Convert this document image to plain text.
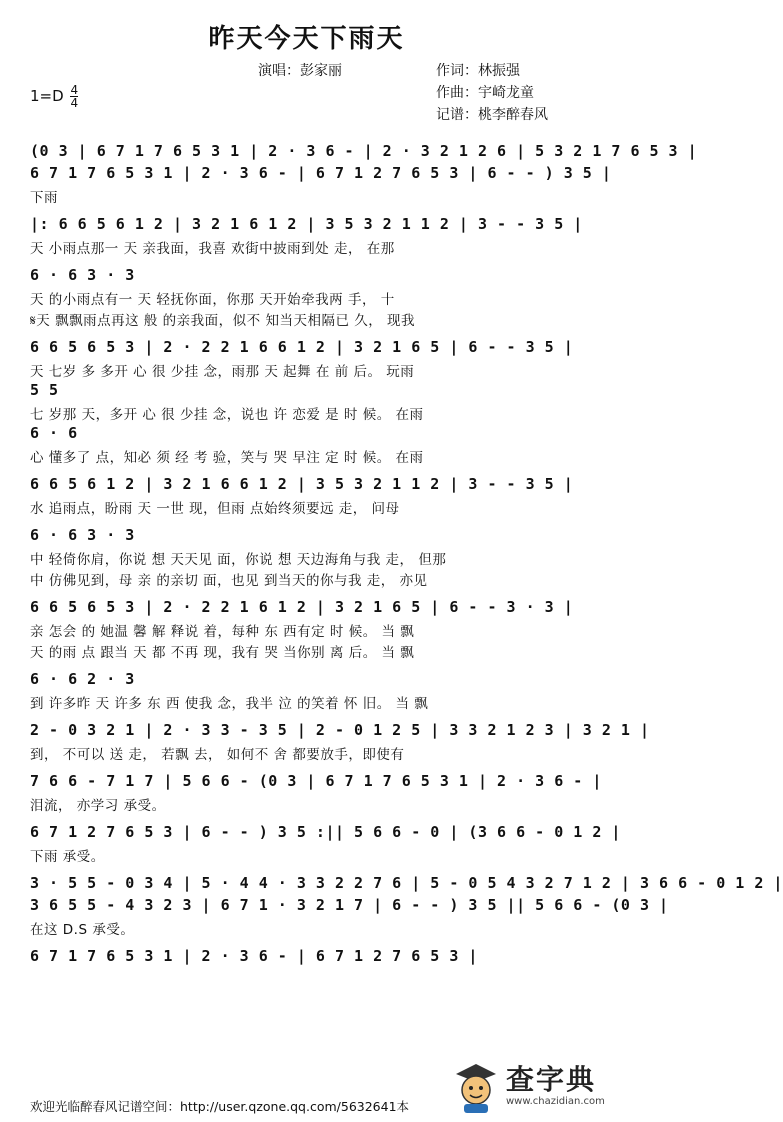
昨天今天下雨天
演唱：彭家丽	作词：林振强
作曲：宇崎龙童
记谱：桃李醉春风
$1=D \frac{4}{4}$
(0 3 | 6 7 1 7 6 5 3 1 | 2 · 3 6 - | 2 · 3 2 1 2 6 | 5 3 2 1 7 6 5 3 |
6 7 1 7 6 5 3 1 | 2 · 3 6 - | 6 7 1 2 7 6 5 3 | 6 - - ) 3 5 |
下雨
|: 6 6 5 6 1 2 | 3 2 1 6 1 2 | 3 5 3 2 1 1 2 | 3 - - 3 5 |
天 小雨点那一 天 亲我面，我喜 欢街中披雨到处 走， 在那
6 · 6 3 · 3
天 的小雨点有一 天 轻抚你面，你那 天开始牵我两 手， 十
𝄋天 飘飘雨点再这 般 的亲我面，似不 知当天相隔已 久， 现我
6 6 5 6 5 3 | 2 · 2 2 1 6 6 1 2 | 3 2 1 6 5 | 6 - - 3 5 |
天 七岁 多 多开 心 很 少挂 念，雨那 天 起舞 在 前 后。 玩雨
5 5
七 岁那 天，多开 心 很 少挂 念，说也 许 恋爱 是 时 候。 在雨
6 · 6
心 懂多了 点，知必 须 经 考 验，笑与 哭 早注 定 时 候。 在雨
6 6 5 6 1 2 | 3 2 1 6 6 1 2 | 3 5 3 2 1 1 2 | 3 - - 3 5 |
水 追雨点，盼雨 天 一世 现，但雨 点始终须要远 走， 问母
6 · 6 3 · 3
中 轻倚你肩，你说 想 天天见 面，你说 想 天边海角与我 走， 但那
中 仿佛见到，母 亲 的亲切 面，也见 到当天的你与我 走， 亦见
6 6 5 6 5 3 | 2 · 2 2 1 6 1 2 | 3 2 1 6 5 | 6 - - 3 · 3 |
亲 怎会 的 她温 馨 解 释说 着，每种 东 西有定 时 候。 当 飘
天 的雨 点 跟当 天 都 不再 现，我有 哭 当你别 离 后。 当 飘
6 · 6 2 · 3
到 许多昨 天 许多 东 西 使我 念，我半 泣 的笑着 怀 旧。 当 飘
2 - 0 3 2 1 | 2 · 3 3 - 3 5 | 2 - 0 1 2 5 | 3 3 2 1 2 3 | 3 2 1 |
到， 不可以 送 走， 若飘 去， 如何不 舍 都要放手，即使有
7 6 6 - 7 1 7 | 5 6 6 - (0 3 | 6 7 1 7 6 5 3 1 | 2 · 3 6 - |
泪流， 亦学习 承受。
6 7 1 2 7 6 5 3 | 6 - - ) 3 5 :|| 5 6 6 - 0 | (3 6 6 - 0 1 2 |
下雨 承受。
3 · 5 5 - 0 3 4 | 5 · 4 4 · 3 3 2 2 7 6 | 5 - 0 5 4 3 2 7 1 2 | 3 6 6 - 0 1 2 |
3 6 5 5 - 4 3 2 3 | 6 7 1 · 3 2 1 7 | 6 - - ) 3 5 || 5 6 6 - (0 3 |
在这 D.S 承受。
6 7 1 7 6 5 3 1 | 2 · 3 6 - | 6 7 1 2 7 6 5 3 |
欢迎光临醉春风记谱空间：http://user.qzone.qq.com/5632641本
查字典
www.chazidian.com
